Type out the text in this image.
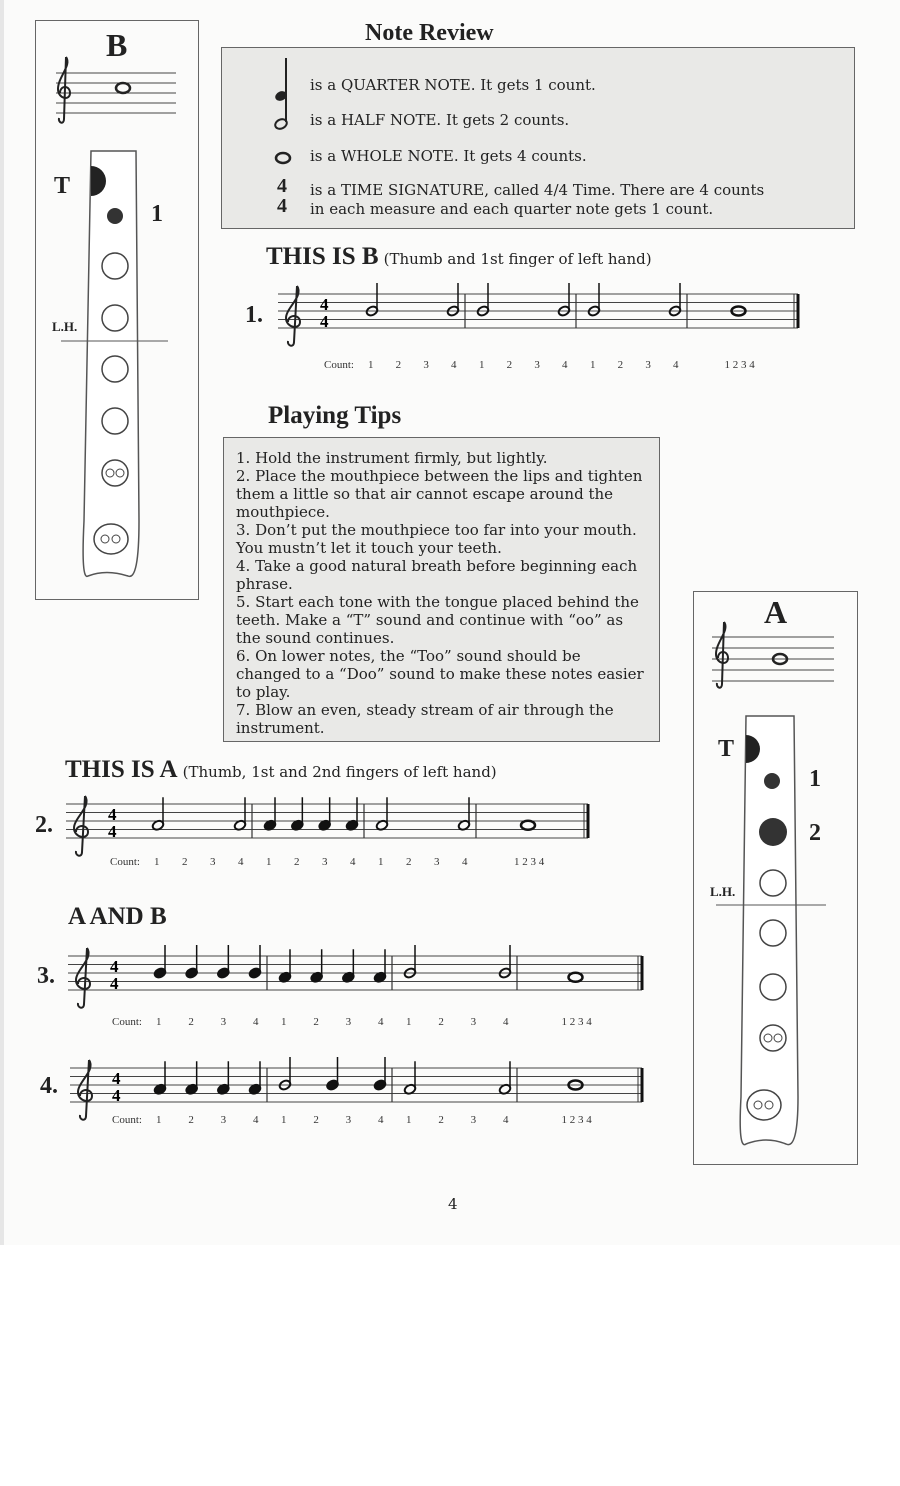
B
T
1
L.H.
Note Review
is a QUARTER NOTE. It gets 1 count.
is a HALF NOTE. It gets 2 counts.
is a WHOLE NOTE. It gets 4 counts.
4
4
is a TIME SIGNATURE, called 4/4 Time. There are 4 counts
in each measure and each quarter note gets 1 count.
THIS IS B (Thumb and 1st finger of left hand)
1.	4
4
Count: 1 2 3 4 1 2 3 4 1 2 3 4	1 2 3 4
Playing Tips

1. Hold the instrument firmly, but lightly.

2. Place the mouthpiece between the lips and tighten them a little so that air cannot escape around the mouthpiece.

3. Don’t put the mouthpiece too far into your mouth. You mustn’t let it touch your teeth.

4. Take a good natural breath before beginning each phrase.

5. Start each tone with the tongue placed behind the teeth. Make a “T” sound and continue with “oo” as the sound continues.

6. On lower notes, the “Too” sound should be changed to a “Doo” sound to make these notes easier to play.

7. Blow an even, steady stream of air through the instrument.

THIS IS A (Thumb, 1st and 2nd fingers of left hand)
2.	4
4
Count: 1 2 3 4 1 2 3 4 1 2 3 4	1 2 3 4
A AND B
3.	4
4
Count: 1 2 3 4 1 2 3 4 1 2 3 4	1 2 3 4
4.	4
4
Count: 1 2 3 4 1 2 3 4 1 2 3 4	1 2 3 4
A
T
1
2
L.H.
4
